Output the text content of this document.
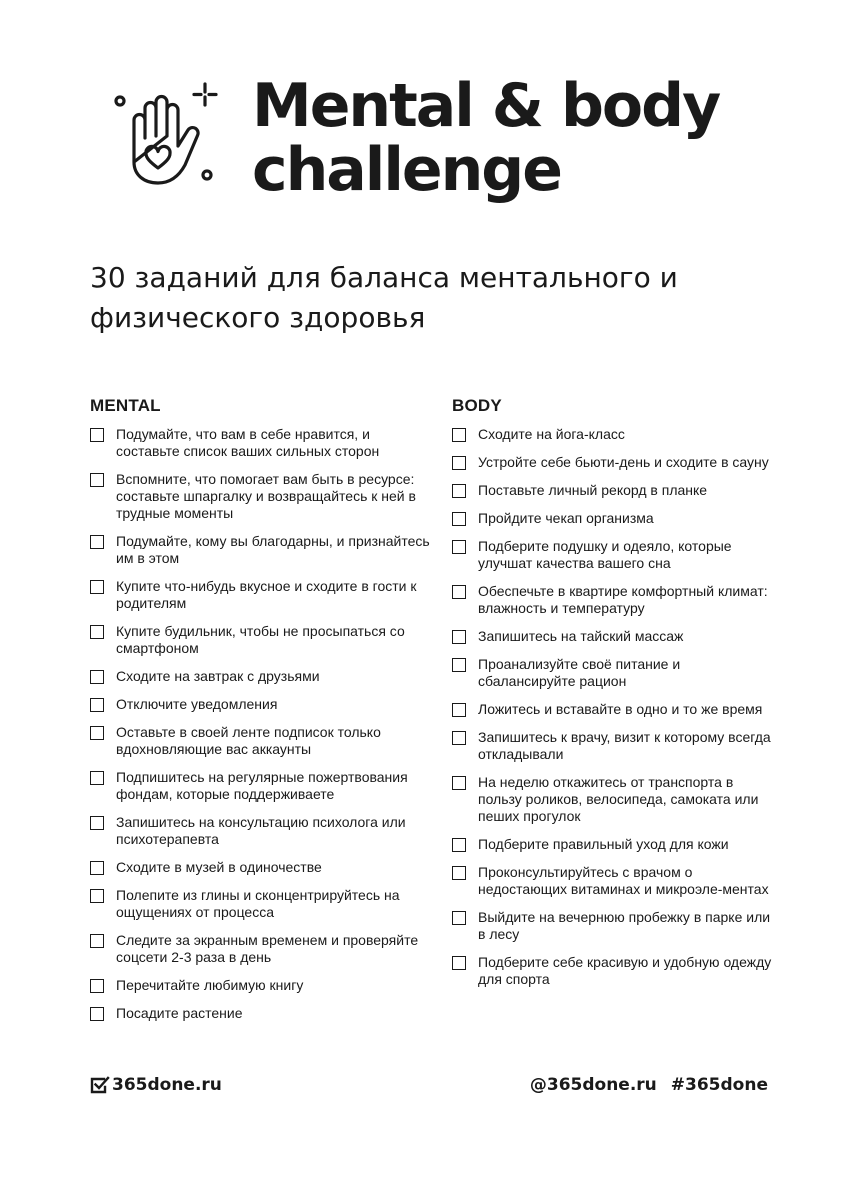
Mental & body
challenge

30 заданий для баланса ментального и физического здоровья

MENTAL
Подумайте, что вам в себе нравится, и составьте список ваших сильных сторон
Вспомните, что помогает вам быть в ресурсе: составьте шпаргалку и возвращайтесь к ней в трудные моменты
Подумайте, кому вы благодарны, и признайтесь им в этом
Купите что-нибудь вкусное и сходите в гости к родителям
Купите будильник, чтобы не просыпаться со смартфоном
Сходите на завтрак с друзьями
Отключите уведомления
Оставьте в своей ленте подписок только вдохновляющие вас аккаунты
Подпишитесь на регулярные пожертвования фондам, которые поддерживаете
Запишитесь на консультацию психолога или психотерапевта
Сходите в музей в одиночестве
Полепите из глины и сконцентрируйтесь на ощущениях от процесса
Следите за экранным временем и проверяйте соцсети 2-3 раза в день
Перечитайте любимую книгу
Посадите растение
BODY
Сходите на йога-класс
Устройте себе бьюти-день и сходите в сауну
Поставьте личный рекорд в планке
Пройдите чекап организма
Подберите подушку и одеяло, которые улучшат качества вашего сна
Обеспечьте в квартире комфортный климат: влажность и температуру
Запишитесь на тайский массаж
Проанализуйте своё питание и сбалансируйте рацион
Ложитесь и вставайте в одно и то же время
Запишитесь к врачу, визит к которому всегда откладывали
На неделю откажитесь от транспорта в пользу роликов, велосипеда, самоката или пеших прогулок
Подберите правильный уход для кожи
Проконсультируйтесь с врачом о недостающих витаминах и микроэле-ментах
Выйдите на вечернюю пробежку в парке или в лесу
Подберите себе красивую и удобную одежду для спорта
365done.ru	@365done.ru #365done
